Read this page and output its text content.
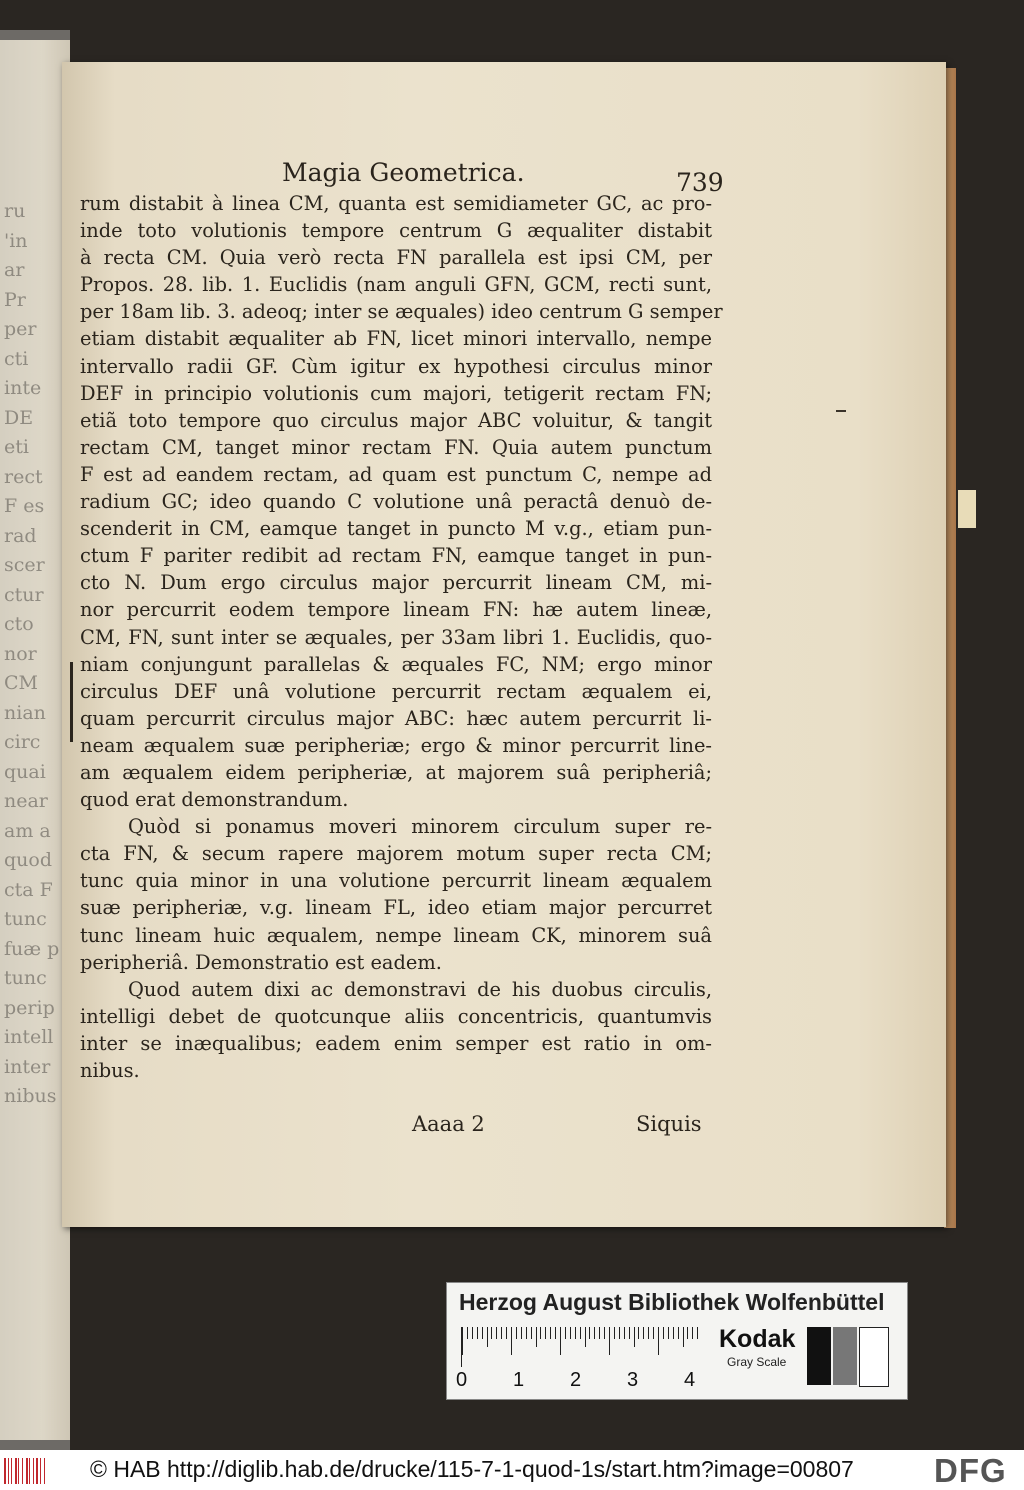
ru
'in
ar
Pr
per
cti
inte
DE
eti
rect
F es
rad
scer
ctur
cto
nor
CM
nian
circ
quai
near
am a
quod
cta F
tunc
fuæ p
tunc
perip
intell
inter
nibus
Magia Geometrica.	739
rum distabit à linea CM, quanta est semidiameter GC, ac pro-
inde toto volutionis tempore centrum G æqualiter distabit
à recta CM. Quia verò recta FN parallela est ipsi CM, per
Propos. 28. lib. 1. Euclidis (nam anguli GFN, GCM, recti sunt,
per 18am lib. 3. adeoq; inter se æquales) ideo centrum G semper
etiam distabit æqualiter ab FN, licet minori intervallo, nempe
intervallo radii GF. Cùm igitur ex hypothesi circulus minor
DEF in principio volutionis cum majori, tetigerit rectam FN;
etiã toto tempore quo circulus major ABC voluitur, & tangit
rectam CM, tanget minor rectam FN. Quia autem punctum
F est ad eandem rectam, ad quam est punctum C, nempe ad
radium GC; ideo quando C volutione unâ peractâ denuò de-
scenderit in CM, eamque tanget in puncto M v.g., etiam pun-
ctum F pariter redibit ad rectam FN, eamque tanget in pun-
cto N. Dum ergo circulus major percurrit lineam CM, mi-
nor percurrit eodem tempore lineam FN: hæ autem lineæ,
CM, FN, sunt inter se æquales, per 33am libri 1. Euclidis, quo-
niam conjungunt parallelas & æquales FC, NM; ergo minor
circulus DEF unâ volutione percurrit rectam æqualem ei,
quam percurrit circulus major ABC: hæc autem percurrit li-
neam æqualem suæ peripheriæ; ergo & minor percurrit line-
am æqualem eidem peripheriæ, at majorem suâ peripheriâ;
quod erat demonstrandum.
Quòd si ponamus moveri minorem circulum super re-
cta FN, & secum rapere majorem motum super recta CM;
tunc quia minor in una volutione percurrit lineam æqualem
suæ peripheriæ, v.g. lineam FL, ideo etiam major percurret
tunc lineam huic æqualem, nempe lineam CK, minorem suâ
peripheriâ. Demonstratio est eadem.
Quod autem dixi ac demonstravi de his duobus circulis,
intelligi debet de quotcunque aliis concentricis, quantumvis
inter se inæqualibus; eadem enim semper est ratio in om-
nibus.
Aaaa 2	Siquis
Herzog August Bibliothek Wolfenbüttel
0 1 2 3 4
Kodak
Gray Scale
© HAB http://diglib.hab.de/drucke/115-7-1-quod-1s/start.htm?image=00807 DFG
